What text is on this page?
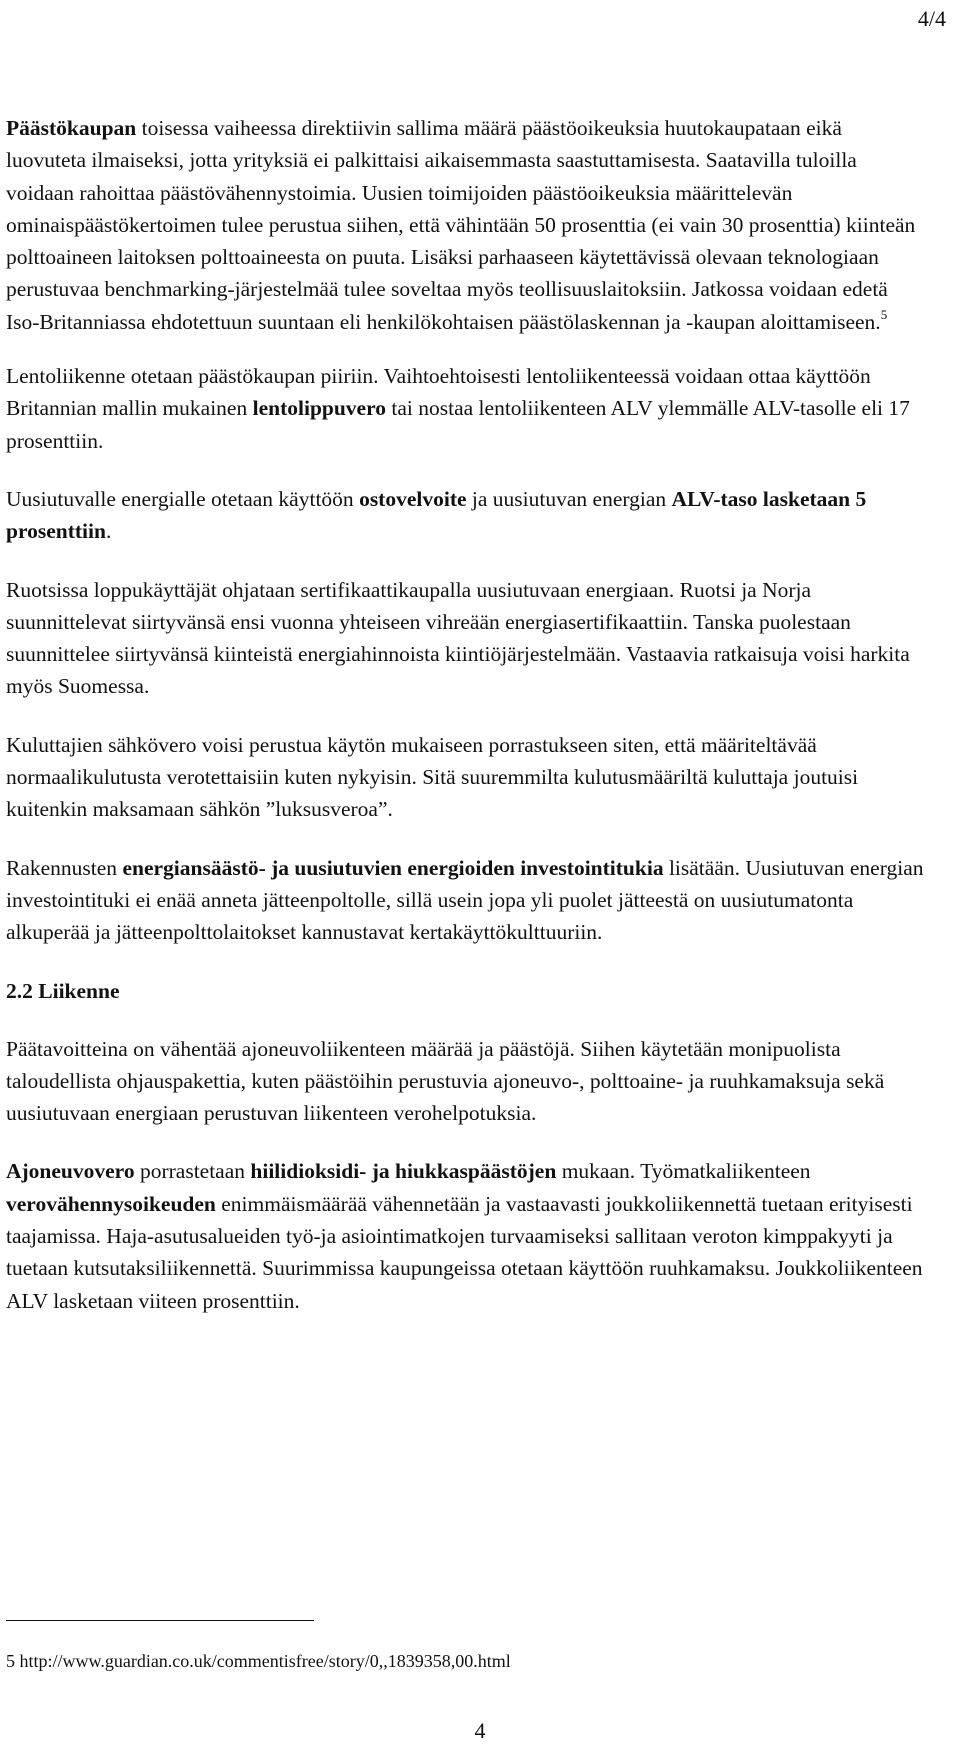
4/4

Päästökaupan toisessa vaiheessa direktiivin sallima määrä päästöoikeuksia huutokaupataan eikä luovuteta ilmaiseksi, jotta yrityksiä ei palkittaisi aikaisemmasta saastuttamisesta. Saatavilla tuloilla voidaan rahoittaa päästövähennystoimia. Uusien toimijoiden päästöoikeuksia määrittelevän ominaispäästökertoimen tulee perustua siihen, että vähintään 50 prosenttia (ei vain 30 prosenttia) kiinteän polttoaineen laitoksen polttoaineesta on puuta. Lisäksi parhaaseen käytettävissä olevaan teknologiaan perustuvaa benchmarking-järjestelmää tulee soveltaa myös teollisuuslaitoksiin. Jatkossa voidaan edetä Iso-Britanniassa ehdotettuun suuntaan eli henkilökohtaisen päästölaskennan ja -kaupan aloittamiseen.$^5$

Lentoliikenne otetaan päästökaupan piiriin. Vaihtoehtoisesti lentoliikenteessä voidaan ottaa käyttöön Britannian mallin mukainen lentolippuvero tai nostaa lentoliikenteen ALV ylemmälle ALV-tasolle eli 17 prosenttiin.

Uusiutuvalle energialle otetaan käyttöön ostovelvoite ja uusiutuvan energian ALV-taso lasketaan 5 prosenttiin.

Ruotsissa loppukäyttäjät ohjataan sertifikaattikaupalla uusiutuvaan energiaan. Ruotsi ja Norja suunnittelevat siirtyvänsä ensi vuonna yhteiseen vihreään energiasertifikaattiin. Tanska puolestaan suunnittelee siirtyvänsä kiinteistä energiahinnoista kiintiöjärjestelmään. Vastaavia ratkaisuja voisi harkita myös Suomessa.

Kuluttajien sähkövero voisi perustua käytön mukaiseen porrastukseen siten, että määriteltävää normaalikulutusta verotettaisiin kuten nykyisin. Sitä suuremmilta kulutusmääriltä kuluttaja joutuisi kuitenkin maksamaan sähkön ”luksusveroa”.

Rakennusten energiansäästö- ja uusiutuvien energioiden investointitukia lisätään. Uusiutuvan energian investointituki ei enää anneta jätteenpoltolle, sillä usein jopa yli puolet jätteestä on uusiutumatonta alkuperää ja jätteenpolttolaitokset kannustavat kertakäyttökulttuuriin.

2.2 Liikenne

Päätavoitteina on vähentää ajoneuvoliikenteen määrää ja päästöjä. Siihen käytetään monipuolista taloudellista ohjauspakettia, kuten päästöihin perustuvia ajoneuvo-, polttoaine- ja ruuhkamaksuja sekä uusiutuvaan energiaan perustuvan liikenteen verohelpotuksia.

Ajoneuvovero porrastetaan hiilidioksidi- ja hiukkaspäästöjen mukaan. Työmatkaliikenteen verovähennysoikeuden enimmäismäärää vähennetään ja vastaavasti joukkoliikennettä tuetaan erityisesti taajamissa. Haja-asutusalueiden työ-ja asiointimatkojen turvaamiseksi sallitaan veroton kimppakyyti ja tuetaan kutsutaksiliikennettä. Suurimmissa kaupungeissa otetaan käyttöön ruuhkamaksu. Joukkoliikenteen ALV lasketaan viiteen prosenttiin.

5 http://www.guardian.co.uk/commentisfree/story/0,,1839358,00.html
4
